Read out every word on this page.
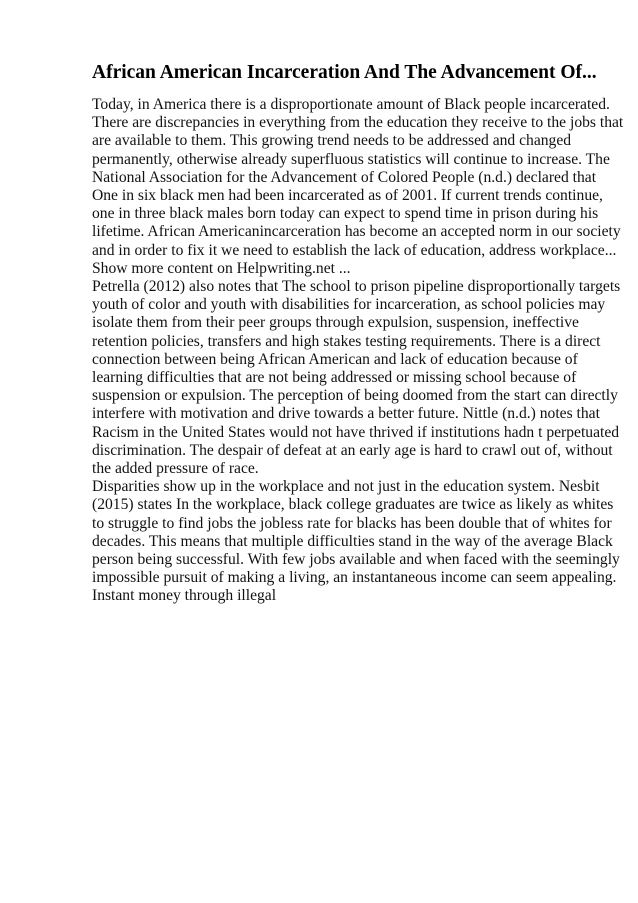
African American Incarceration And The Advancement Of...

Today, in America there is a disproportionate amount of Black people incarcerated.
There are discrepancies in everything from the education they receive to the jobs that
are available to them. This growing trend needs to be addressed and changed
permanently, otherwise already superfluous statistics will continue to increase. The
National Association for the Advancement of Colored People (n.d.) declared that
One in six black men had been incarcerated as of 2001. If current trends continue,
one in three black males born today can expect to spend time in prison during his
lifetime. African Americanincarceration has become an accepted norm in our society
and in order to fix it we need to establish the lack of education, address workplace...
Show more content on Helpwriting.net ...

Petrella (2012) also notes that The school to prison pipeline disproportionally targets
youth of color and youth with disabilities for incarceration, as school policies may
isolate them from their peer groups through expulsion, suspension, ineffective
retention policies, transfers and high stakes testing requirements. There is a direct
connection between being African American and lack of education because of
learning difficulties that are not being addressed or missing school because of
suspension or expulsion. The perception of being doomed from the start can directly
interfere with motivation and drive towards a better future. Nittle (n.d.) notes that
Racism in the United States would not have thrived if institutions hadn t perpetuated
discrimination. The despair of defeat at an early age is hard to crawl out of, without
the added pressure of race.

Disparities show up in the workplace and not just in the education system. Nesbit
(2015) states In the workplace, black college graduates are twice as likely as whites
to struggle to find jobs the jobless rate for blacks has been double that of whites for
decades. This means that multiple difficulties stand in the way of the average Black
person being successful. With few jobs available and when faced with the seemingly
impossible pursuit of making a living, an instantaneous income can seem appealing.
Instant money through illegal
